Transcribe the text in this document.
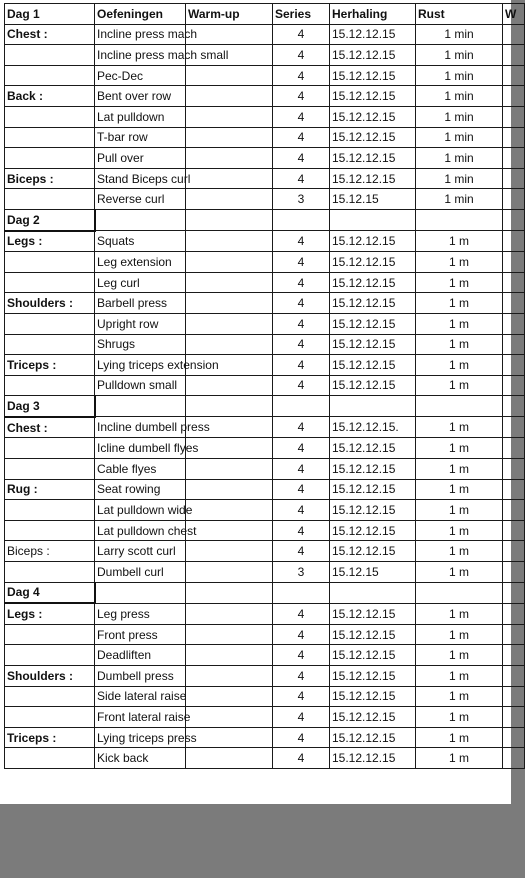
Dag 1	Oefeningen	Warm-up	Series	Herhaling	Rust	W
Chest :	Incline press mach		4	15.12.12.15	1 min	
	Incline press mach small		4	15.12.12.15	1 min	
	Pec-Dec		4	15.12.12.15	1 min	
Back :	Bent over row		4	15.12.12.15	1 min	
	Lat pulldown		4	15.12.12.15	1 min	
	T-bar row		4	15.12.12.15	1 min	
	Pull over		4	15.12.12.15	1 min	
Biceps :	Stand Biceps curl		4	15.12.12.15	1 min	
	Reverse curl		3	15.12.15	1 min	
Dag 2						
Legs :	Squats		4	15.12.12.15	1 m	
	Leg extension		4	15.12.12.15	1 m	
	Leg curl		4	15.12.12.15	1 m	
Shoulders :	Barbell press		4	15.12.12.15	1 m	
	Upright row		4	15.12.12.15	1 m	
	Shrugs		4	15.12.12.15	1 m	
Triceps :	Lying triceps extension		4	15.12.12.15	1 m	
	Pulldown small		4	15.12.12.15	1 m	
Dag 3						
Chest :	Incline dumbell press		4	15.12.12.15.	1 m	
	Icline dumbell flyes		4	15.12.12.15	1 m	
	Cable flyes		4	15.12.12.15	1 m	
Rug :	Seat rowing		4	15.12.12.15	1 m	
	Lat pulldown wide		4	15.12.12.15	1 m	
	Lat pulldown chest		4	15.12.12.15	1 m	
Biceps :	Larry scott curl		4	15.12.12.15	1 m	
	Dumbell curl		3	15.12.15	1 m	
Dag 4						
Legs :	Leg press		4	15.12.12.15	1 m	
	Front press		4	15.12.12.15	1 m	
	Deadliften		4	15.12.12.15	1 m	
Shoulders :	Dumbell press		4	15.12.12.15	1 m	
	Side lateral raise		4	15.12.12.15	1 m	
	Front lateral raise		4	15.12.12.15	1 m	
Triceps :	Lying triceps press		4	15.12.12.15	1 m	
	Kick back		4	15.12.12.15	1 m	
